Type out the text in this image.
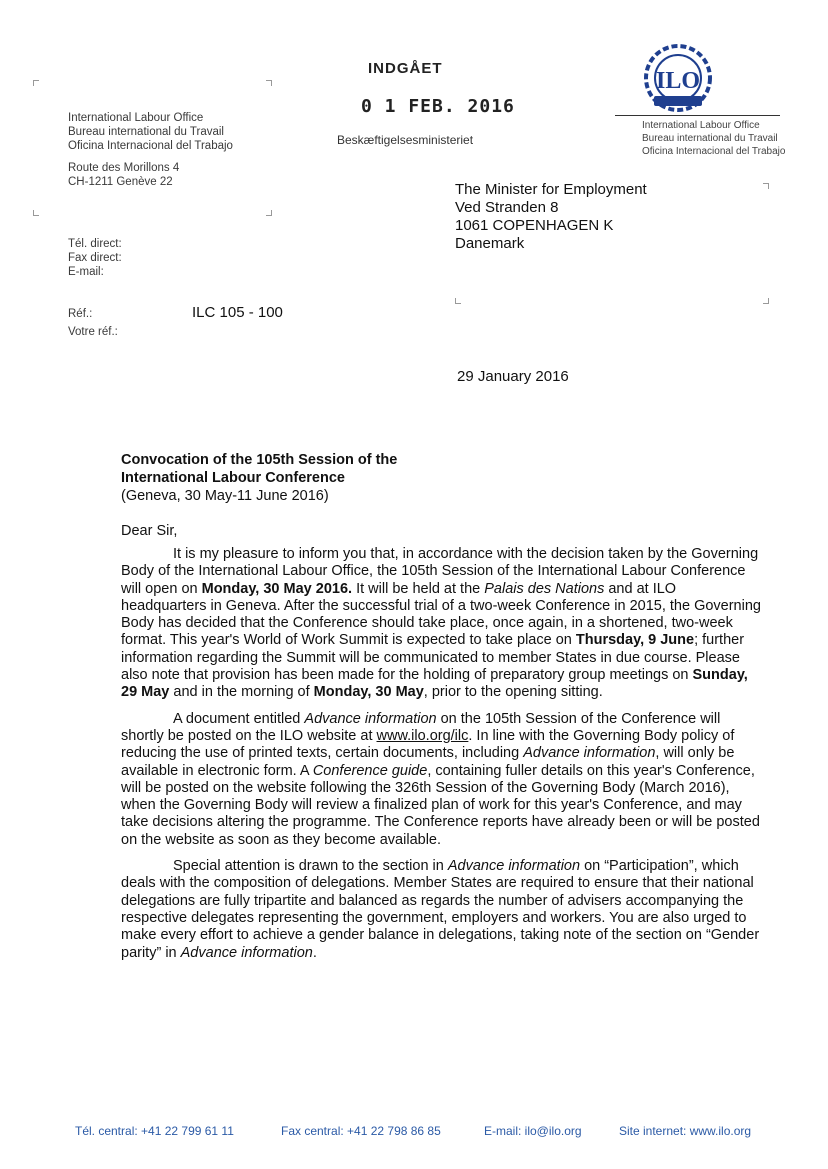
INDGÅET
0 1 FEB. 2016
Beskæftigelsesministeriet
International Labour Office
Bureau international du Travail
Oficina Internacional del Trabajo
Route des Morillons 4
CH-1211 Genève 22
ILO
International Labour Office
Bureau international du Travail
Oficina Internacional del Trabajo
The Minister for Employment
Ved Stranden 8
1061 COPENHAGEN K
Danemark
Tél. direct:
Fax direct:
E-mail:
Réf.:	ILC 105 - 100
Votre réf.:
29 January 2016
Convocation of the 105th Session of the
International Labour Conference
(Geneva, 30 May-11 June 2016)
Dear Sir,

It is my pleasure to inform you that, in accordance with the decision taken by the Governing Body of the International Labour Office, the 105th Session of the International Labour Conference will open on Monday, 30 May 2016. It will be held at the Palais des Nations and at ILO headquarters in Geneva. After the successful trial of a two-week Conference in 2015, the Governing Body has decided that the Conference should take place, once again, in a shortened, two-week format. This year's World of Work Summit is expected to take place on Thursday, 9 June; further information regarding the Summit will be communicated to member States in due course. Please also note that provision has been made for the holding of preparatory group meetings on Sunday, 29 May and in the morning of Monday, 30 May, prior to the opening sitting.

A document entitled Advance information on the 105th Session of the Conference will shortly be posted on the ILO website at www.ilo.org/ilc. In line with the Governing Body policy of reducing the use of printed texts, certain documents, including Advance information, will only be available in electronic form. A Conference guide, containing fuller details on this year's Conference, will be posted on the website following the 326th Session of the Governing Body (March 2016), when the Governing Body will review a finalized plan of work for this year's Conference, and may take decisions altering the programme. The Conference reports have already been or will be posted on the website as soon as they become available.

Special attention is drawn to the section in Advance information on “Participation”, which deals with the composition of delegations. Member States are required to ensure that their national delegations are fully tripartite and balanced as regards the number of advisers accompanying the respective delegates representing the government, employers and workers. You are also urged to make every effort to achieve a gender balance in delegations, taking note of the section on “Gender parity” in Advance information.

Tél. central: +41 22 799 61 11	Fax central: +41 22 798 86 85	E-mail: ilo@ilo.org	Site internet: www.ilo.org
